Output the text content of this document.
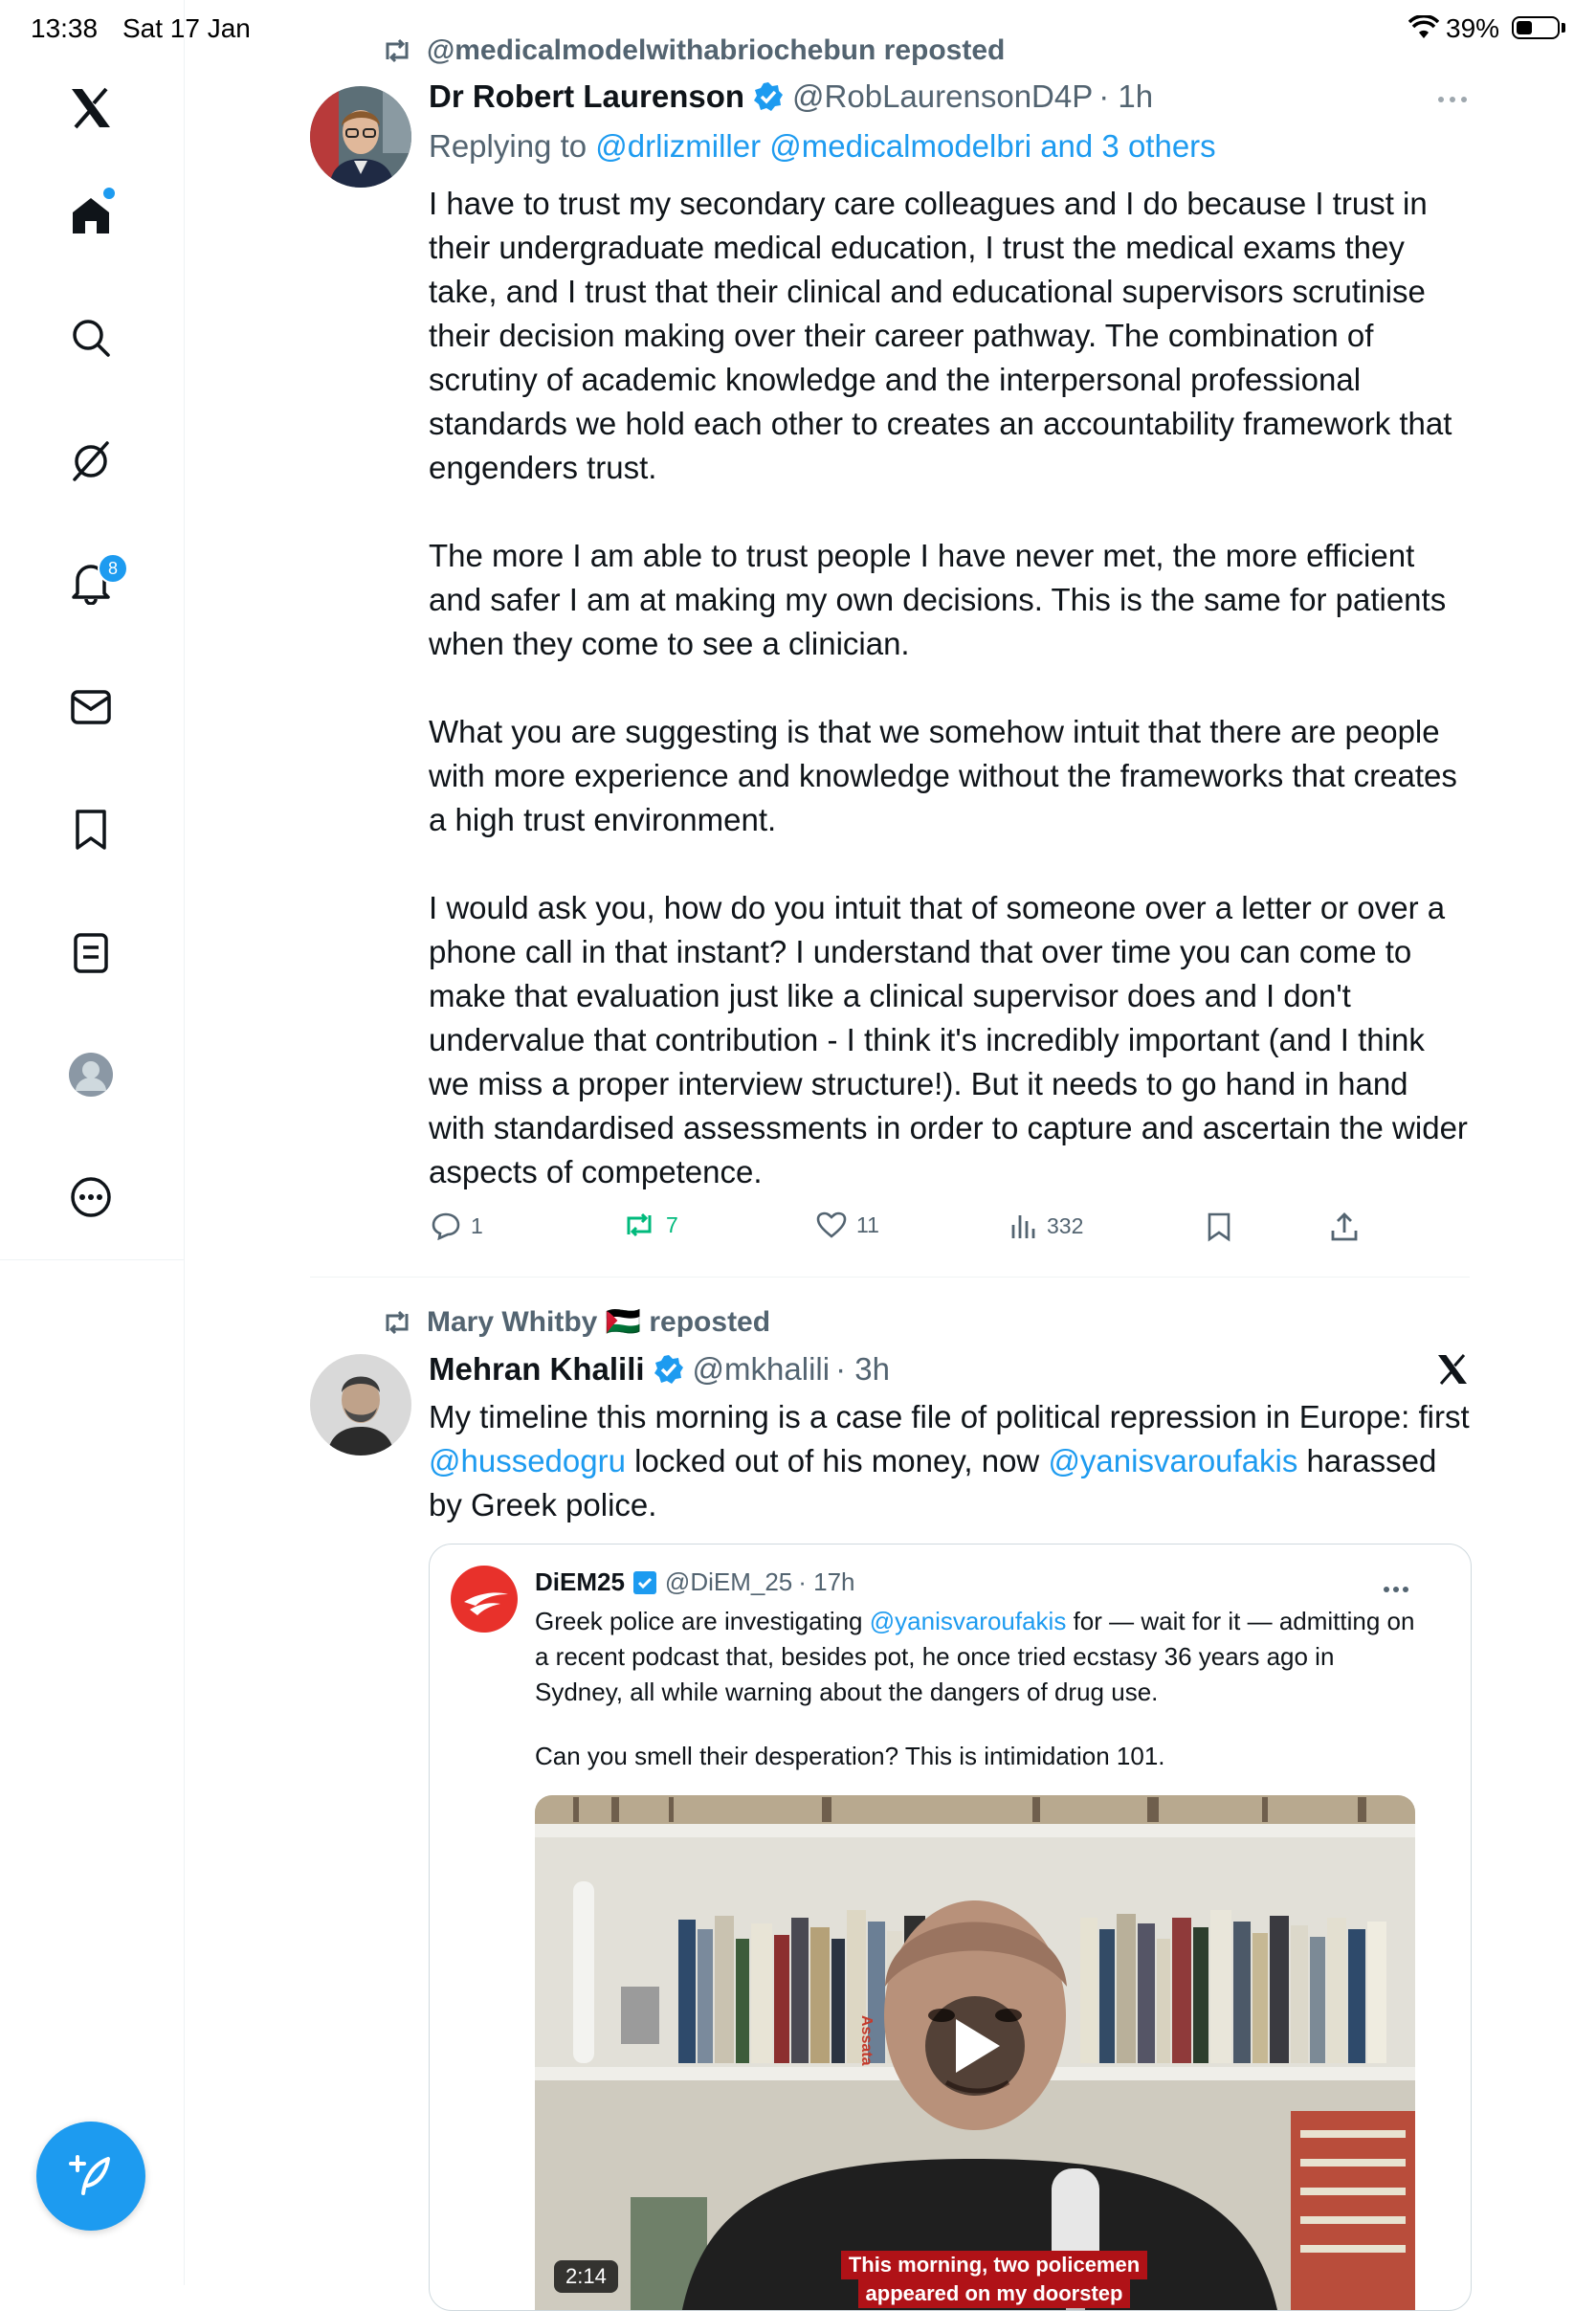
13:38 Sat 17 Jan	39%
8
@medicalmodelwithabriochebun reposted
Dr Robert Laurenson @RobLaurensonD4P · 1h
Replying to @drlizmiller @medicalmodelbri and 3 others

I have to trust my secondary care colleagues and I do because I trust in their undergraduate medical education, I trust the medical exams they take, and I trust that their clinical and educational supervisors scrutinise their decision making over their career pathway. The combination of scrutiny of academic knowledge and the interpersonal professional standards we hold each other to creates an accountability framework that engenders trust.

The more I am able to trust people I have never met, the more efficient and safer I am at making my own decisions. This is the same for patients when they come to see a clinician.

What you are suggesting is that we somehow intuit that there are people with more experience and knowledge without the frameworks that creates a high trust environment.

I would ask you, how do you intuit that of someone over a letter or over a phone call in that instant? I understand that over time you can come to make that evaluation just like a clinical supervisor does and I don't undervalue that contribution - I think it's incredibly important (and I think we miss a proper interview structure!). But it needs to go hand in hand with standardised assessments in order to capture and ascertain the wider aspects of competence.

1	7	11	332
Mary Whitby 🇵🇸 reposted
Mehran Khalili @mkhalili · 3h

My timeline this morning is a case file of political repression in Europe: first @hussedogru locked out of his money, now @yanisvaroufakis harassed by Greek police.

DiEM25 @DiEM_25 · 17h

Greek police are investigating @yanisvaroufakis for — wait for it — admitting on a recent podcast that, besides pot, he once tried ecstasy 36 years ago in Sydney, all while warning about the dangers of drug use.

Can you smell their desperation? This is intimidation 101.

Assata
2:14	This morning, two policemen
appeared on my doorstep
